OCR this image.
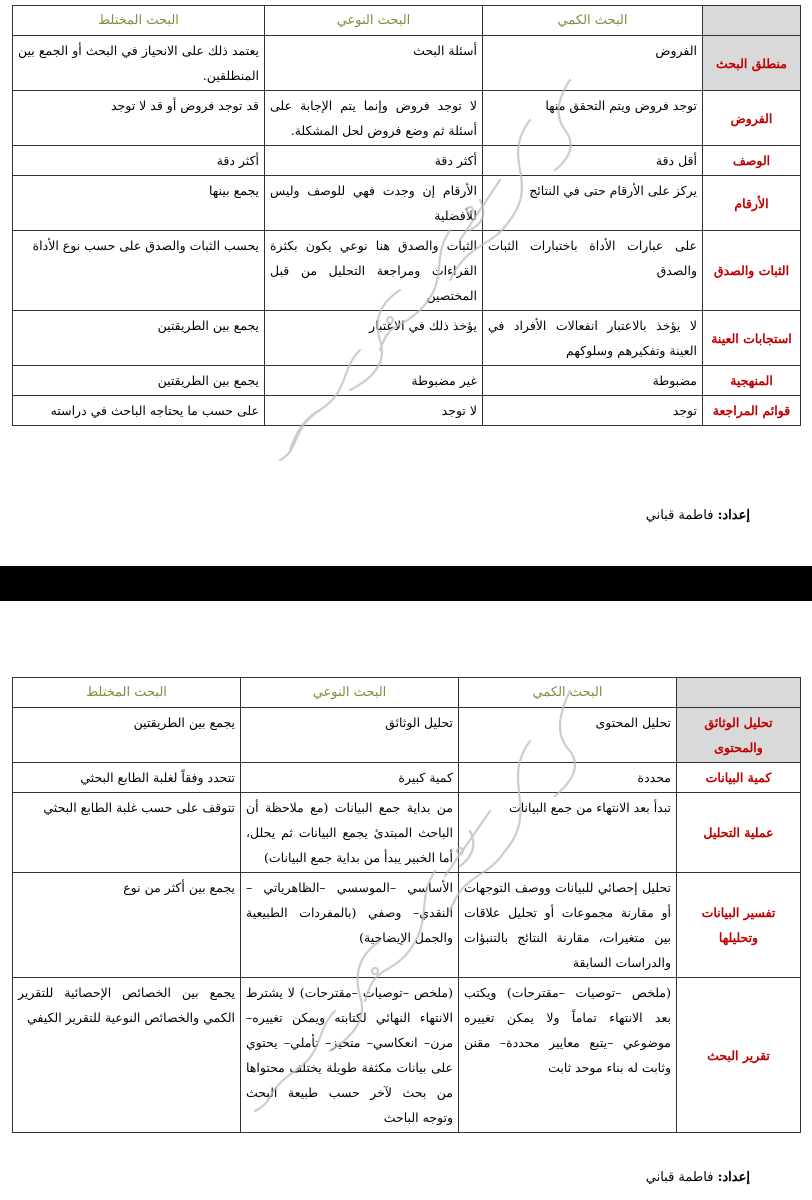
	البحث الكمي	البحث النوعي	البحث المختلط
منطلق البحث	الفروض	أسئلة البحث	يعتمد ذلك على الانحياز في البحث أو الجمع بين المنطلقين.
الفروض	توجد فروض ويتم التحقق منها	لا توجد فروض وإنما يتم الإجابة على أسئلة ثم وضع فروض لحل المشكلة.	قد توجد فروض أو قد لا توجد
الوصف	أقل دقة	أكثر دقة	أكثر دقة
الأرقام	يركز على الأرقام حتى في النتائج	الأرقام إن وجدت فهي للوصف وليس للأفضلية	يجمع بينها
الثبات والصدق	على عبارات الأداة باختبارات الثبات والصدق	الثبات والصدق هنا نوعي يكون بكثرة القراءات ومراجعة التحليل من قبل المختصين	يحسب الثبات والصدق على حسب نوع الأداة
استجابات العينة	لا يؤخذ بالاعتبار انفعالات الأفراد في العينة وتفكيرهم وسلوكهم	يؤخذ ذلك في الاعتبار	يجمع بين الطريقتين
المنهجية	مضبوطة	غير مضبوطة	يجمع بين الطريقتين
قوائم المراجعة	توجد	لا توجد	على حسب ما يحتاجه الباحث في دراسته
إعداد: فاطمة قباني
	البحث الكمي	البحث النوعي	البحث المختلط
تحليل الوثائق والمحتوى	تحليل المحتوى	تحليل الوثائق	يجمع بين الطريقتين
كمية البيانات	محددة	كمية كبيرة	تتحدد وفقاً لغلبة الطابع البحثي
عملية التحليل	تبدأ بعد الانتهاء من جمع البيانات	من بداية جمع البيانات (مع ملاحظة أن الباحث المبتدئ يجمع البيانات ثم يحلل، أما الخبير يبدأ من بداية جمع البيانات)	تتوقف على حسب غلبة الطابع البحثي
تفسير البيانات وتحليلها	تحليل إحصائي للبيانات ووصف التوجهات أو مقارنة مجموعات أو تحليل علاقات بين متغيرات، مقارنة النتائج بالتنبؤات والدراسات السابقة	الأساسي –الموسسي –الظاهرياتي – النقدي– وصفي (بالمفردات الطبيعية والجمل الإيضاحية)	يجمع بين أكثر من نوع
تقرير البحث	(ملخص –توصيات –مقترحات) ويكتب بعد الانتهاء تماماً ولا يمكن تغييره موضوعي –يتبع معايير محددة– مقنن وثابت له بناء موحد ثابت	(ملخص –توصيات –مقترحات) لا يشترط الانتهاء النهائي لكتابته ويمكن تغييره– مرن– انعكاسي– متحيز– تأملي– يحتوي على بيانات مكثفة طويلة يختلف محتواها من بحث لآخر حسب طبيعة البحث وتوجه الباحث	يجمع بين الخصائص الإحصائية للتقرير الكمي والخصائص النوعية للتقرير الكيفي
إعداد: فاطمة قباني
